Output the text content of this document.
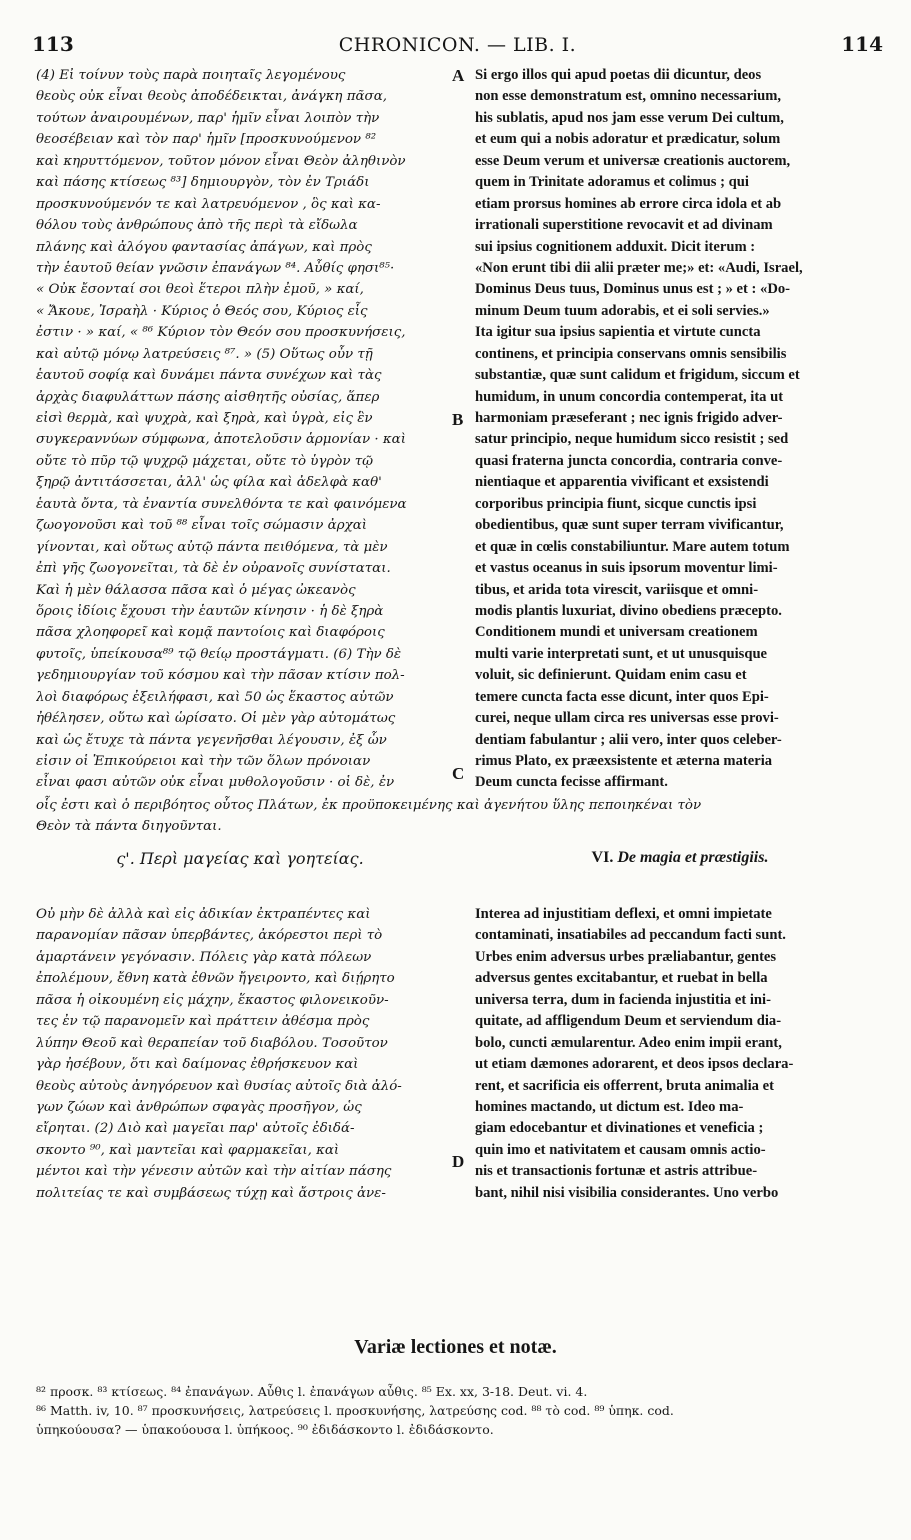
113	CHRONICON. — LIB. I.	114
(4) Εἰ τοίνυν τοὺς παρὰ ποιηταῖς λεγομένους
θεοὺς οὐκ εἶναι θεοὺς ἀποδέδεικται, ἀνάγκη πᾶσα,
τούτων ἀναιρουμένων, παρ' ἡμῖν εἶναι λοιπὸν τὴν
θεοσέβειαν καὶ τὸν παρ' ἡμῖν [προσκυνούμενον ⁸²
καὶ κηρυττόμενον, τοῦτον μόνον εἶναι Θεὸν ἀληθινὸν
καὶ πάσης κτίσεως ⁸³] δημιουργὸν, τὸν ἐν Τριάδι
προσκυνούμενόν τε καὶ λατρευόμενον , ὃς καὶ κα-
θόλου τοὺς ἀνθρώπους ἀπὸ τῆς περὶ τὰ εἴδωλα
πλάνης καὶ ἀλόγου φαντασίας ἀπάγων, καὶ πρὸς
τὴν ἑαυτοῦ θείαν γνῶσιν ἐπανάγων ⁸⁴. Αὖθίς φησι⁸⁵·
« Οὐκ ἔσονταί σοι θεοὶ ἕτεροι πλὴν ἐμοῦ, » καί,
« Ἄκουε, Ἰσραὴλ · Κύριος ὁ Θεός σου, Κύριος εἷς
ἐστιν · » καί, « ⁸⁶ Κύριον τὸν Θεόν σου προσκυνήσεις,
καὶ αὐτῷ μόνῳ λατρεύσεις ⁸⁷. » (5) Οὕτως οὖν τῇ
ἑαυτοῦ σοφίᾳ καὶ δυνάμει πάντα συνέχων καὶ τὰς
ἀρχὰς διαφυλάττων πάσης αἰσθητῆς οὐσίας, ἅπερ
εἰσὶ θερμὰ, καὶ ψυχρὰ, καὶ ξηρὰ, καὶ ὑγρὰ, εἰς ἓν
συγκεραννύων σύμφωνα, ἀποτελοῦσιν ἁρμονίαν · καὶ
οὔτε τὸ πῦρ τῷ ψυχρῷ μάχεται, οὔτε τὸ ὑγρὸν τῷ
ξηρῷ ἀντιτάσσεται, ἀλλ' ὡς φίλα καὶ ἀδελφὰ καθ'
ἑαυτὰ ὄντα, τὰ ἐναντία συνελθόντα τε καὶ φαινόμενα
ζωογονοῦσι καὶ τοῦ ⁸⁸ εἶναι τοῖς σώμασιν ἀρχαὶ
γίνονται, καὶ οὕτως αὐτῷ πάντα πειθόμενα, τὰ μὲν
ἐπὶ γῆς ζωογονεῖται, τὰ δὲ ἐν οὐρανοῖς συνίσταται.
Καὶ ἡ μὲν θάλασσα πᾶσα καὶ ὁ μέγας ὠκεανὸς
ὅροις ἰδίοις ἔχουσι τὴν ἑαυτῶν κίνησιν · ἡ δὲ ξηρὰ
πᾶσα χλοηφορεῖ καὶ κομᾷ παντοίοις καὶ διαφόροις
φυτοῖς, ὑπείκουσα⁸⁹ τῷ θείῳ προστάγματι. (6) Τὴν δὲ
γεδημιουργίαν τοῦ κόσμου καὶ τὴν πᾶσαν κτίσιν πολ-
λοὶ διαφόρως ἐξειλήφασι, καὶ 50 ὡς ἕκαστος αὐτῶν
ἠθέλησεν, οὕτω καὶ ὡρίσατο. Οἱ μὲν γὰρ αὐτομάτως
καὶ ὡς ἔτυχε τὰ πάντα γεγενῆσθαι λέγουσιν, ἐξ ὧν
εἰσιν οἱ Ἐπικούρειοι καὶ τὴν τῶν ὅλων πρόνοιαν
εἶναι φασι αὐτῶν οὐκ εἶναι μυθολογοῦσιν · οἱ δὲ, ἐν
Si ergo illos qui apud poetas dii dicuntur, deos
non esse demonstratum est, omnino necessarium,
his sublatis, apud nos jam esse verum Dei cultum,
et eum qui a nobis adoratur et prædicatur, solum
esse Deum verum et universæ creationis auctorem,
quem in Trinitate adoramus et colimus ; qui
etiam prorsus homines ab errore circa idola et ab
irrationali superstitione revocavit et ad divinam
sui ipsius cognitionem adduxit. Dicit iterum :
«Non erunt tibi dii alii præter me;» et: «Audi, Israel,
Dominus Deus tuus, Dominus unus est ; » et : «Do-
minum Deum tuum adorabis, et ei soli servies.»
Ita igitur sua ipsius sapientia et virtute cuncta
continens, et principia conservans omnis sensibilis
substantiæ, quæ sunt calidum et frigidum, siccum et
humidum, in unum concordia contemperat, ita ut
harmoniam præseferant ; nec ignis frigido adver-
satur principio, neque humidum sicco resistit ; sed
quasi fraterna juncta concordia, contraria conve-
nientiaque et apparentia vivificant et exsistendi
corporibus principia fiunt, sicque cunctis ipsi
obedientibus, quæ sunt super terram vivificantur,
et quæ in cœlis constabiliuntur. Mare autem totum
et vastus oceanus in suis ipsorum moventur limi-
tibus, et arida tota virescit, variisque et omni-
modis plantis luxuriat, divino obediens præcepto.
Conditionem mundi et universam creationem
multi varie interpretati sunt, et ut unusquisque
voluit, sic definierunt. Quidam enim casu et
temere cuncta facta esse dicunt, inter quos Epi-
curei, neque ullam circa res universas esse provi-
dentiam fabulantur ; alii vero, inter quos celeber-
rimus Plato, ex præexsistente et æterna materia
Deum cuncta fecisse affirmant.
A
B
C
D
οἷς ἐστι καὶ ὁ περιβόητος οὗτος Πλάτων, ἐκ προϋποκειμένης καὶ ἀγενήτου ὕλης πεποιηκέναι τὸν
Θεὸν τὰ πάντα διηγοῦνται.
ς'. Περὶ μαγείας καὶ γοητείας.	VI. De magia et præstigiis.
Οὐ μὴν δὲ ἀλλὰ καὶ εἰς ἀδικίαν ἐκτραπέντες καὶ
παρανομίαν πᾶσαν ὑπερβάντες, ἀκόρεστοι περὶ τὸ
ἁμαρτάνειν γεγόνασιν. Πόλεις γὰρ κατὰ πόλεων
ἐπολέμουν, ἔθνη κατὰ ἐθνῶν ἤγειροντο, καὶ διῄρητο
πᾶσα ἡ οἰκουμένη εἰς μάχην, ἕκαστος φιλονεικοῦν-
τες ἐν τῷ παρανομεῖν καὶ πράττειν ἀθέσμα πρὸς
λύπην Θεοῦ καὶ θεραπείαν τοῦ διαβόλου. Τοσοῦτον
γὰρ ἠσέβουν, ὅτι καὶ δαίμονας ἐθρήσκευον καὶ
θεοὺς αὐτοὺς ἀνηγόρευον καὶ θυσίας αὐτοῖς διὰ ἀλό-
γων ζώων καὶ ἀνθρώπων σφαγὰς προσῆγον, ὡς
εἴρηται. (2) Διὸ καὶ μαγεῖαι παρ' αὐτοῖς ἐδιδά-
σκοντο ⁹⁰, καὶ μαντεῖαι καὶ φαρμακεῖαι, καὶ
μέντοι καὶ τὴν γένεσιν αὐτῶν καὶ τὴν αἰτίαν πάσης
πολιτείας τε καὶ συμβάσεως τύχῃ καὶ ἄστροις ἀνε-
Interea ad injustitiam deflexi, et omni impietate
contaminati, insatiabiles ad peccandum facti sunt.
Urbes enim adversus urbes præliabantur, gentes
adversus gentes excitabantur, et ruebat in bella
universa terra, dum in facienda injustitia et ini-
quitate, ad affligendum Deum et serviendum dia-
bolo, cuncti æmularentur. Adeo enim impii erant,
ut etiam dæmones adorarent, et deos ipsos declara-
rent, et sacrificia eis offerrent, bruta animalia et
homines mactando, ut dictum est. Ideo ma-
giam edocebantur et divinationes et veneficia ;
quin imo et nativitatem et causam omnis actio-
nis et transactionis fortunæ et astris attribue-
bant, nihil nisi visibilia considerantes. Uno verbo
Variæ lectiones et notæ.
⁸² προσκ. ⁸³ κτίσεως. ⁸⁴ ἐπανάγων. Αὖθις l. ἐπανάγων αὖθις. ⁸⁵ Ex. xx, 3-18. Deut. vi. 4.
⁸⁶ Matth. iv, 10. ⁸⁷ προσκυνήσεις, λατρεύσεις l. προσκυνήσης, λατρεύσης cod. ⁸⁸ τὸ cod. ⁸⁹ ὑπηκ. cod.
ὑπηκούουσα? — ὑπακούουσα l. ὑπήκοος. ⁹⁰ ἐδιδάσκοντο l. ἐδιδάσκοντο.
